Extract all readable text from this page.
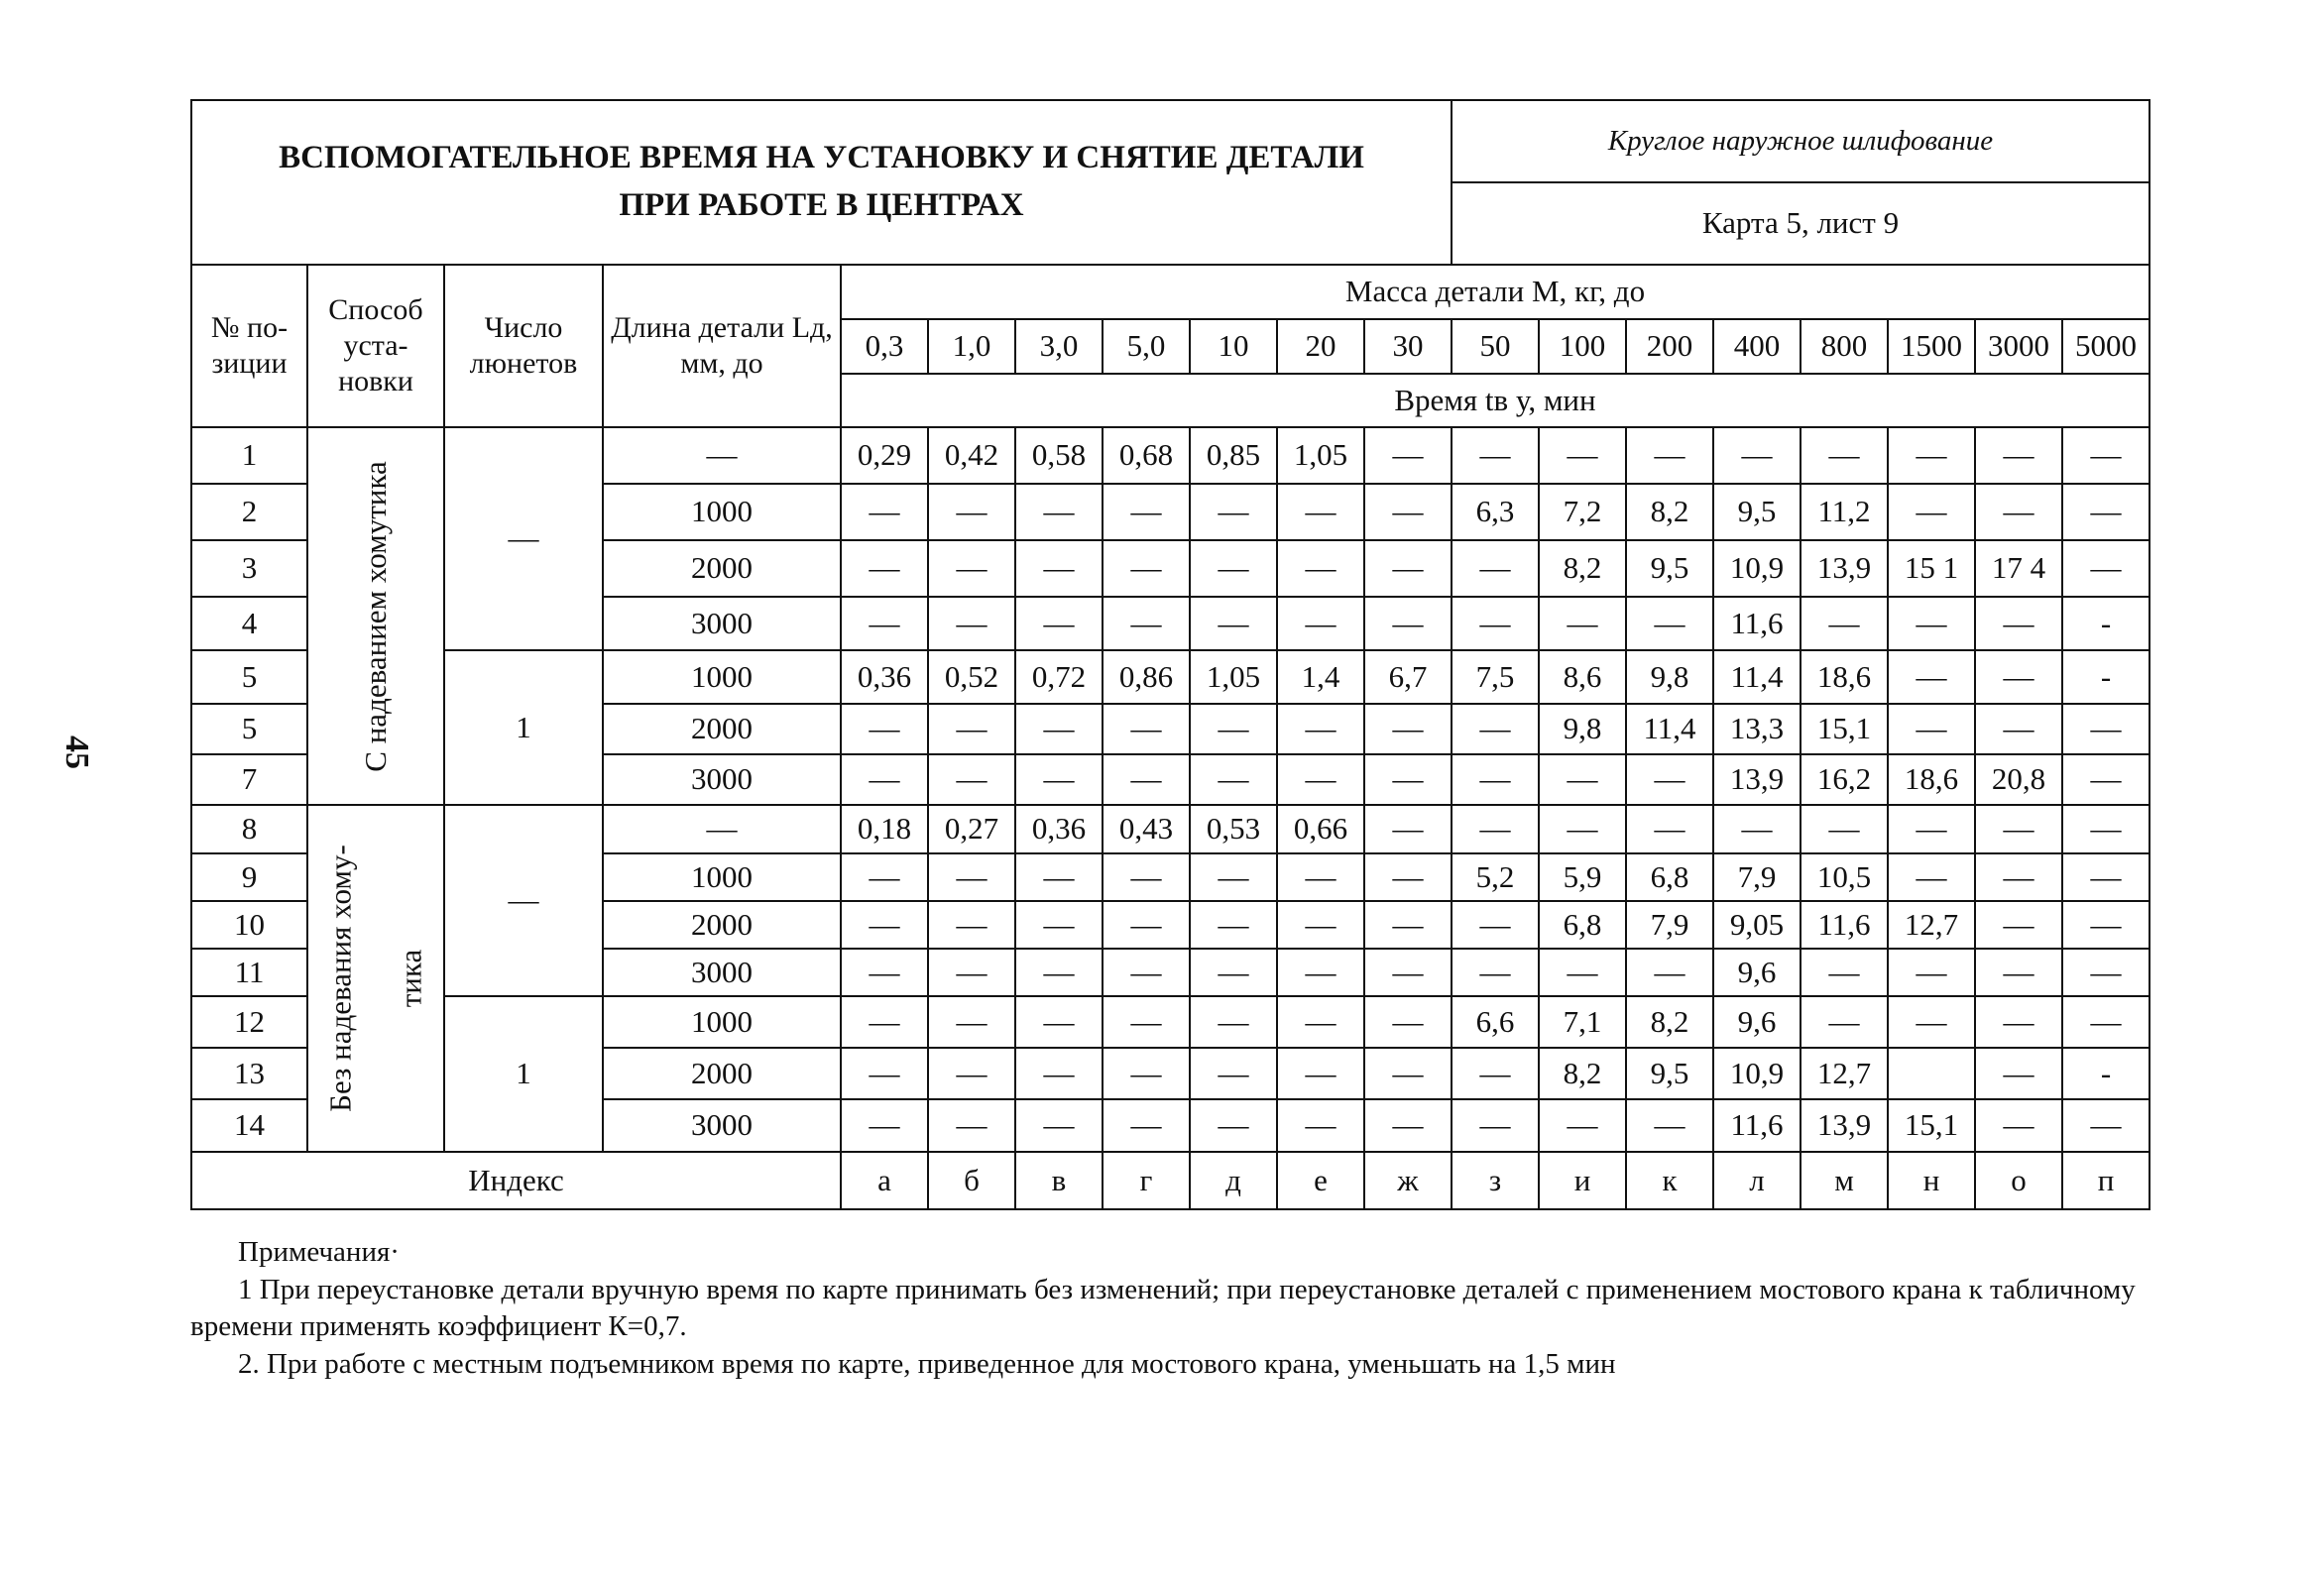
45
ВСПОМОГАТЕЛЬНОЕ ВРЕМЯ НА УСТАНОВКУ И СНЯТИЕ ДЕТАЛИ
ПРИ РАБОТЕ В ЦЕНТРАХ											Круглое наружное шлифование							
											Карта 5, лист 9							
№ по-зиции	Способ уста-новки	Число люнетов	Длина детали Lд, мм, до	Масса детали М, кг, до														
				0,3	1,0	3,0	5,0	10	20	30	50	100	200	400	800	1500	3000	5000
				Время tв у, мин														
1	С надеванием хомутика	—	—	0,29	0,42	0,58	0,68	0,85	1,05	—	—	—	—	—	—	—	—	—
2			1000	—	—	—	—	—	—	—	6,3	7,2	8,2	9,5	11,2	—	—	—
3			2000	—	—	—	—	—	—	—	—	8,2	9,5	10,9	13,9	15 1	17 4	—
4			3000	—	—	—	—	—	—	—	—	—	—	11,6	—	—	—	-
5		1	1000	0,36	0,52	0,72	0,86	1,05	1,4	6,7	7,5	8,6	9,8	11,4	18,6	—	—	-
5			2000	—	—	—	—	—	—	—	—	9,8	11,4	13,3	15,1	—	—	—
7			3000	—	—	—	—	—	—	—	—	—	—	13,9	16,2	18,6	20,8	—
8	Без надевания хому- тика	—	—	0,18	0,27	0,36	0,43	0,53	0,66	—	—	—	—	—	—	—	—	—
9			1000	—	—	—	—	—	—	—	5,2	5,9	6,8	7,9	10,5	—	—	—
10			2000	—	—	—	—	—	—	—	—	6,8	7,9	9,05	11,6	12,7	—	—
11			3000	—	—	—	—	—	—	—	—	—	—	9,6	—	—	—	—
12		1	1000	—	—	—	—	—	—	—	6,6	7,1	8,2	9,6	—	—	—	—
13			2000	—	—	—	—	—	—	—	—	8,2	9,5	10,9	12,7		—	-
14			3000	—	—	—	—	—	—	—	—	—	—	11,6	13,9	15,1	—	—
Индекс				а	б	в	г	д	е	ж	з	и	к	л	м	н	о	п

Примечания·

1 При переустановке детали вручную время по карте принимать без изменений; при переустановке деталей с применением мостового крана к табличному времени применять коэффициент К=0,7.

2. При работе с местным подъемником время по карте, приведенное для мостового крана, уменьшать на 1,5 мин
